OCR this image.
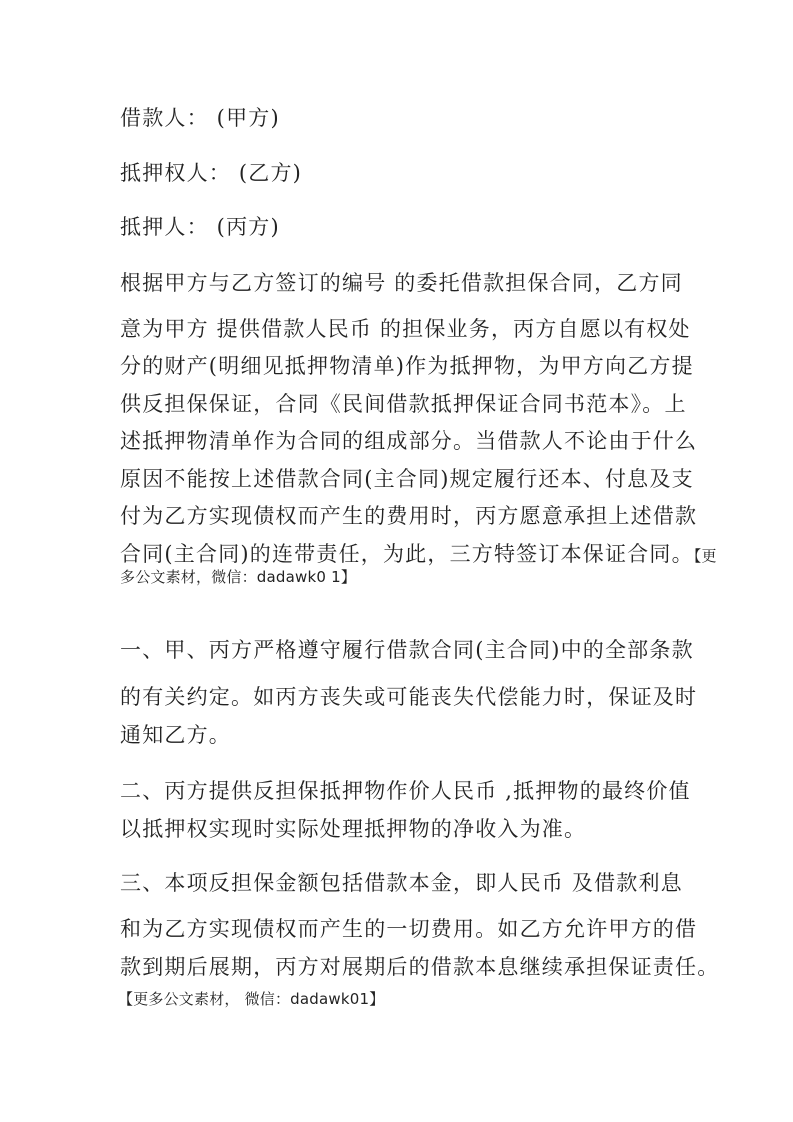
借款人： (甲方)
抵押权人： (乙方)
抵押人： (丙方)
根据甲方与乙方签订的编号 的委托借款担保合同，乙方同
意为甲方 提供借款人民币 的担保业务，丙方自愿以有权处
分的财产(明细见抵押物清单)作为抵押物，为甲方向乙方提
供反担保保证，合同《民间借款抵押保证合同书范本》。上
述抵押物清单作为合同的组成部分。当借款人不论由于什么
原因不能按上述借款合同(主合同)规定履行还本、付息及支
付为乙方实现债权而产生的费用时，丙方愿意承担上述借款
合同(主合同)的连带责任，为此，三方特签订本保证合同。【更
多公文素材，微信：dadawk0 1】
一、甲、丙方严格遵守履行借款合同(主合同)中的全部条款
的有关约定。如丙方丧失或可能丧失代偿能力时，保证及时
通知乙方。
二、丙方提供反担保抵押物作价人民币 ,抵押物的最终价值
以抵押权实现时实际处理抵押物的净收入为准。
三、本项反担保金额包括借款本金，即人民币 及借款利息
和为乙方实现债权而产生的一切费用。如乙方允许甲方的借
款到期后展期，丙方对展期后的借款本息继续承担保证责任。
【更多公文素材， 微信：dadawk01】
